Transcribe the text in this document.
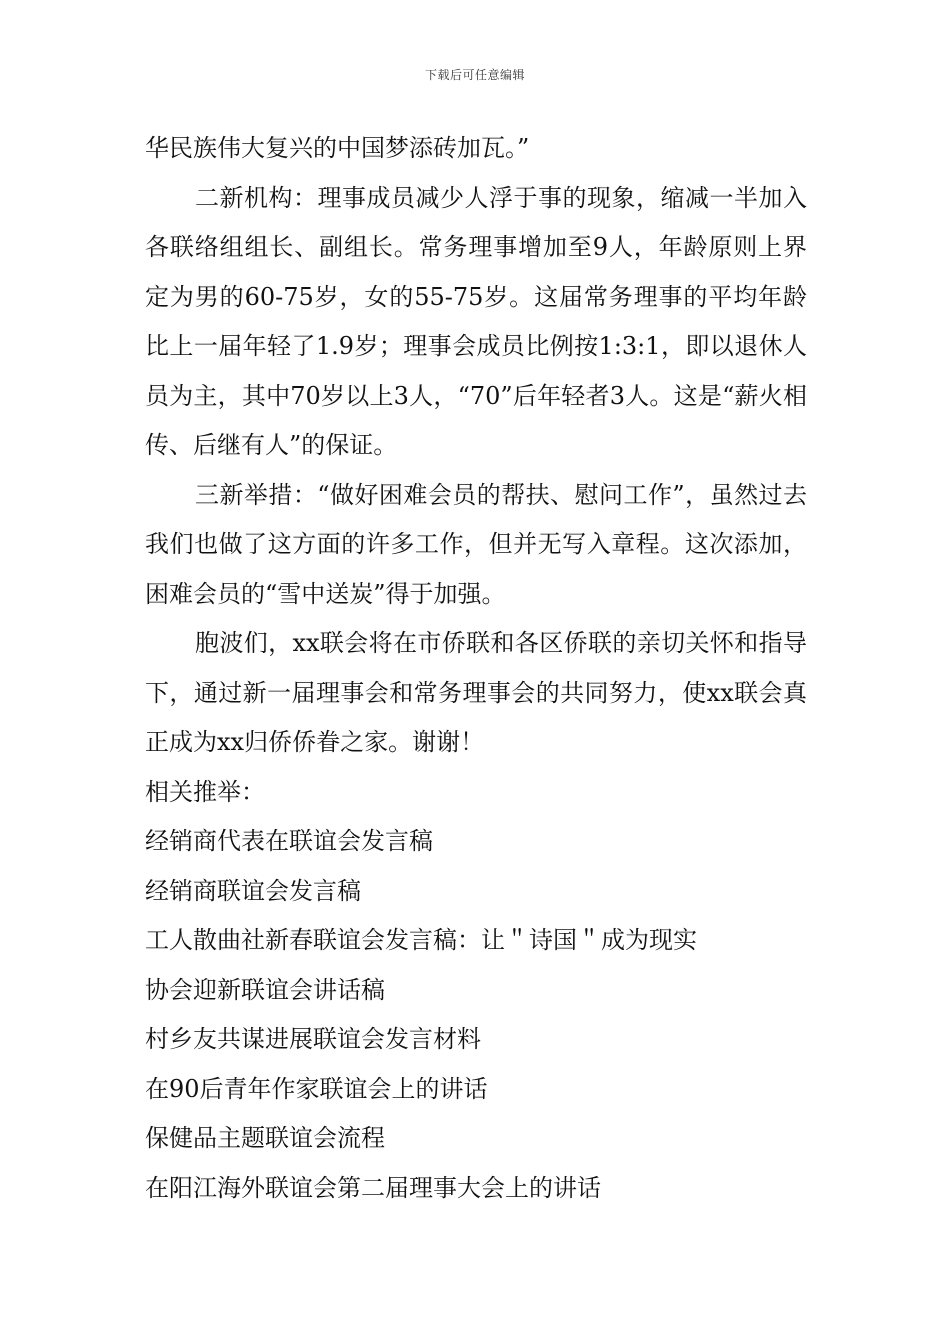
下载后可任意编辑

华民族伟大复兴的中国梦添砖加瓦。”

二新机构：理事成员减少人浮于事的现象，缩减一半加入各联络组组长、副组长。常务理事增加至9人，年龄原则上界定为男的60-75岁，女的55-75岁。这届常务理事的平均年龄比上一届年轻了1.9岁；理事会成员比例按1:3:1，即以退休人员为主，其中70岁以上3人，“70”后年轻者3人。这是“薪火相传、后继有人”的保证。

三新举措：“做好困难会员的帮扶、慰问工作”，虽然过去我们也做了这方面的许多工作，但并无写入章程。这次添加，困难会员的“雪中送炭”得于加强。

胞波们，xx联会将在市侨联和各区侨联的亲切关怀和指导下，通过新一届理事会和常务理事会的共同努力，使xx联会真正成为xx归侨侨眷之家。谢谢！

相关推举：

经销商代表在联谊会发言稿

经销商联谊会发言稿

工人散曲社新春联谊会发言稿：让＂诗国＂成为现实

协会迎新联谊会讲话稿

村乡友共谋进展联谊会发言材料

在90后青年作家联谊会上的讲话

保健品主题联谊会流程

在阳江海外联谊会第二届理事大会上的讲话
